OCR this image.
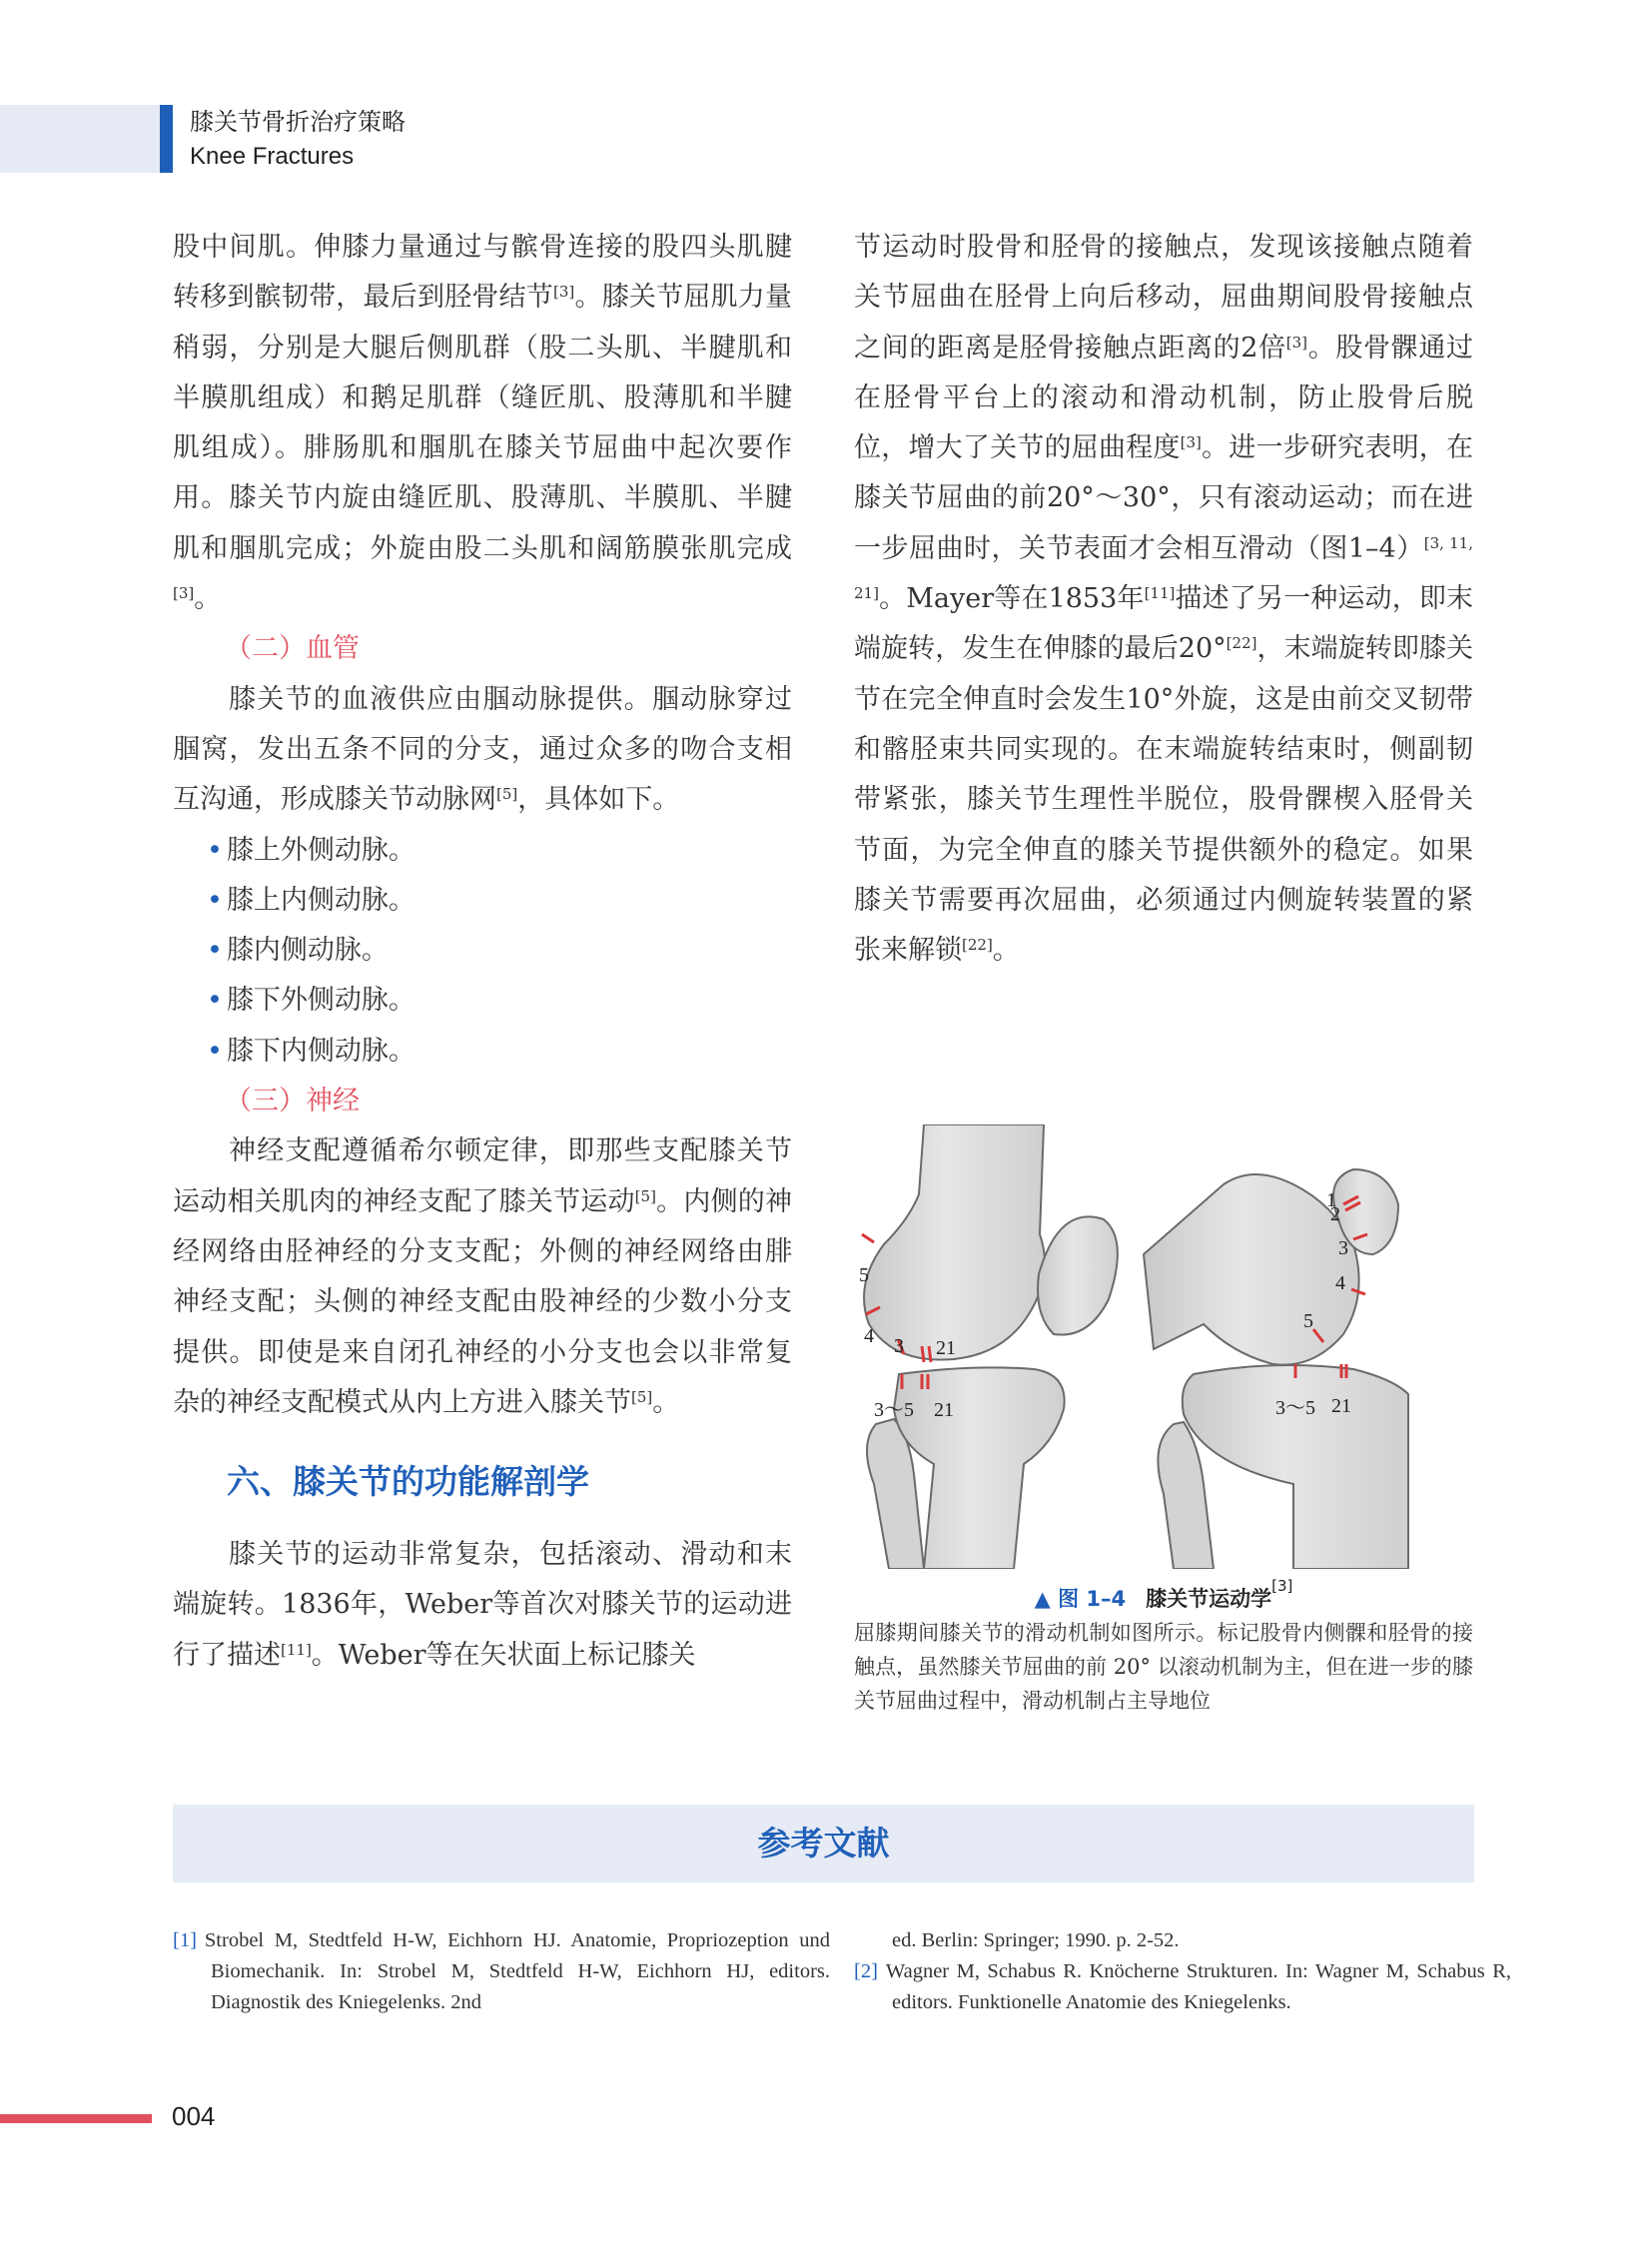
膝关节骨折治疗策略
Knee Fractures

股中间肌。伸膝力量通过与髌骨连接的股四头肌腱转移到髌韧带，最后到胫骨结节[3]。膝关节屈肌力量稍弱，分别是大腿后侧肌群（股二头肌、半腱肌和半膜肌组成）和鹅足肌群（缝匠肌、股薄肌和半腱肌组成）。腓肠肌和腘肌在膝关节屈曲中起次要作用。膝关节内旋由缝匠肌、股薄肌、半膜肌、半腱肌和腘肌完成；外旋由股二头肌和阔筋膜张肌完成[3]。

（二）血管

膝关节的血液供应由腘动脉提供。腘动脉穿过腘窝，发出五条不同的分支，通过众多的吻合支相互沟通，形成膝关节动脉网[5]，具体如下。

• 膝上外侧动脉。

• 膝上内侧动脉。

• 膝内侧动脉。

• 膝下外侧动脉。

• 膝下内侧动脉。

（三）神经

神经支配遵循希尔顿定律，即那些支配膝关节运动相关肌肉的神经支配了膝关节运动[5]。内侧的神经网络由胫神经的分支支配；外侧的神经网络由腓神经支配；头侧的神经支配由股神经的少数小分支提供。即使是来自闭孔神经的小分支也会以非常复杂的神经支配模式从内上方进入膝关节[5]。

六、膝关节的功能解剖学

膝关节的运动非常复杂，包括滚动、滑动和末端旋转。1836年，Weber等首次对膝关节的运动进行了描述[11]。Weber等在矢状面上标记膝关

节运动时股骨和胫骨的接触点，发现该接触点随着关节屈曲在胫骨上向后移动，屈曲期间股骨接触点之间的距离是胫骨接触点距离的2倍[3]。股骨髁通过在胫骨平台上的滚动和滑动机制，防止股骨后脱位，增大了关节的屈曲程度[3]。进一步研究表明，在膝关节屈曲的前20°～30°，只有滚动运动；而在进一步屈曲时，关节表面才会相互滑动（图1–4）[3, 11, 21]。Mayer等在1853年[11]描述了另一种运动，即末端旋转，发生在伸膝的最后20°[22]，末端旋转即膝关节在完全伸直时会发生10°外旋，这是由前交叉韧带和髂胫束共同实现的。在末端旋转结束时，侧副韧带紧张，膝关节生理性半脱位，股骨髁楔入胫骨关节面，为完全伸直的膝关节提供额外的稳定。如果膝关节需要再次屈曲，必须通过内侧旋转装置的紧张来解锁[22]。

5
4 3 21
3～5 21
1
2
3
4
5
3～5 21
▲ 图 1–4 膝关节运动学[3]

屈膝期间膝关节的滑动机制如图所示。标记股骨内侧髁和胫骨的接触点，虽然膝关节屈曲的前 20° 以滚动机制为主，但在进一步的膝关节屈曲过程中，滑动机制占主导地位

参考文献

[1] Strobel M, Stedtfeld H-W, Eichhorn HJ. Anatomie, Propriozeption und Biomechanik. In: Strobel M, Stedtfeld H-W, Eichhorn HJ, editors. Diagnostik des Kniegelenks. 2nd

ed. Berlin: Springer; 1990. p. 2-52.

[2] Wagner M, Schabus R. Knöcherne Strukturen. In: Wagner M, Schabus R, editors. Funktionelle Anatomie des Kniegelenks.

004
